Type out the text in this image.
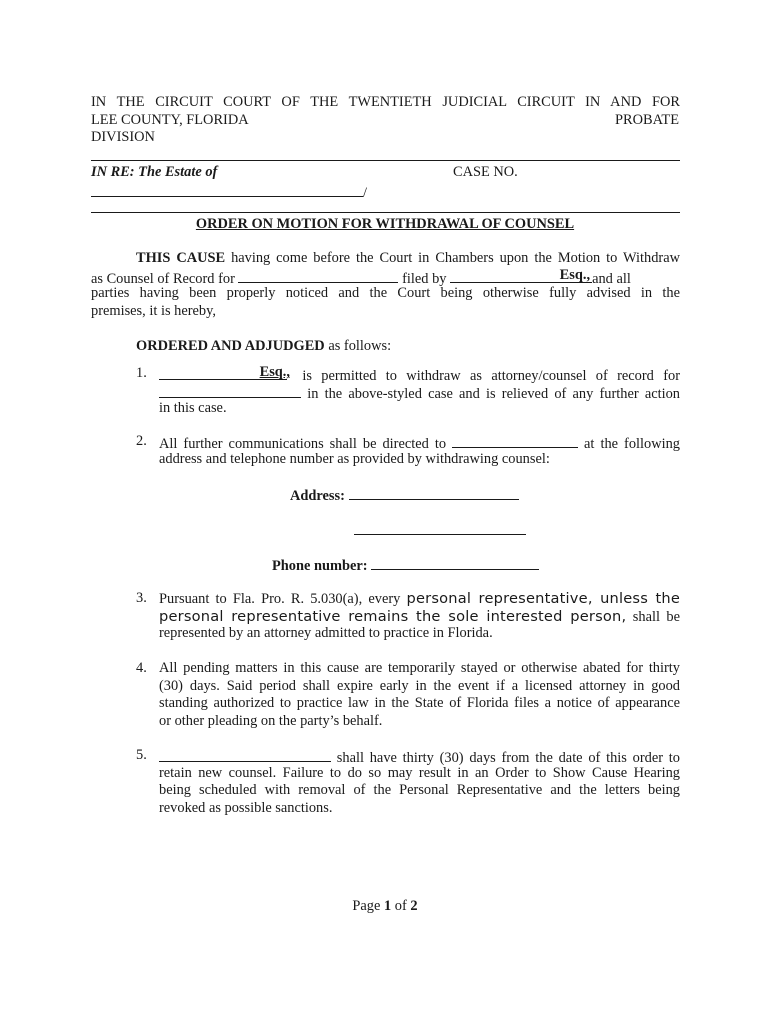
IN THE CIRCUIT COURT OF THE TWENTIETH JUDICIAL CIRCUIT IN AND FOR
LEE COUNTY, FLORIDA	PROBATE
DIVISION
IN RE: The Estate of	CASE NO.
/
ORDER ON MOTION FOR WITHDRAWAL OF COUNSEL
THIS CAUSE having come before the Court in Chambers upon the Motion to Withdraw
as Counsel of Record for	filed by	Esq., and all
parties having been properly noticed and the Court being otherwise fully advised in the
premises, it is hereby,
ORDERED AND ADJUDGED as follows:
1.	Esq., is permitted to withdraw as attorney/counsel of record for
in the above-styled case and is relieved of any further action
in this case.
2. All further communications shall be directed to	at the following
address and telephone number as provided by withdrawing counsel:
Address:
Phone number:
3. Pursuant to Fla. Pro. R. 5.030(a), every personal representative, unless the
personal representative remains the sole interested person, shall be
represented by an attorney admitted to practice in Florida.
4. All pending matters in this cause are temporarily stayed or otherwise abated for thirty
(30) days. Said period shall expire early in the event if a licensed attorney in good
standing authorized to practice law in the State of Florida files a notice of appearance
or other pleading on the party’s behalf.
5.	shall have thirty (30) days from the date of this order to
retain new counsel. Failure to do so may result in an Order to Show Cause Hearing
being scheduled with removal of the Personal Representative and the letters being
revoked as possible sanctions.
Page 1 of 2
